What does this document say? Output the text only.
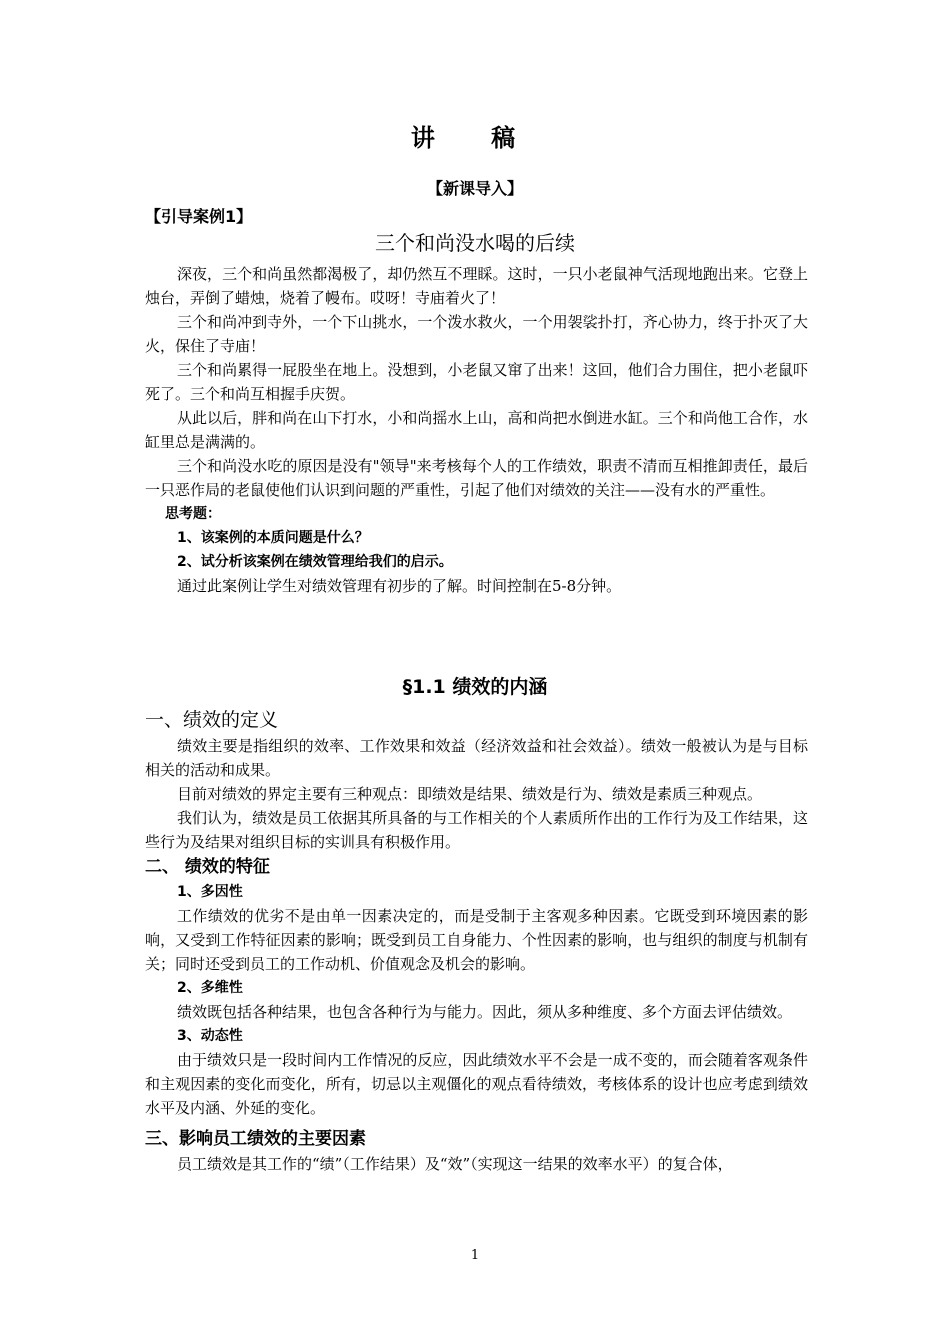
讲 稿
【新课导入】
【引导案例1】
三个和尚没水喝的后续

深夜，三个和尚虽然都渴极了，却仍然互不理睬。这时，一只小老鼠神气活现地跑出来。它登上烛台，弄倒了蜡烛，烧着了幔布。哎呀！寺庙着火了！

三个和尚冲到寺外，一个下山挑水，一个泼水救火，一个用袈裟扑打，齐心协力，终于扑灭了大火，保住了寺庙！

三个和尚累得一屁股坐在地上。没想到，小老鼠又窜了出来！这回，他们合力围住，把小老鼠吓死了。三个和尚互相握手庆贺。

从此以后，胖和尚在山下打水，小和尚摇水上山，高和尚把水倒进水缸。三个和尚他工合作，水缸里总是满满的。

三个和尚没水吃的原因是没有"领导"来考核每个人的工作绩效，职责不清而互相推卸责任，最后一只恶作局的老鼠使他们认识到问题的严重性，引起了他们对绩效的关注——没有水的严重性。

思考题：
1、该案例的本质问题是什么？
2、试分析该案例在绩效管理给我们的启示。

通过此案例让学生对绩效管理有初步的了解。时间控制在5-8分钟。

§1.1 绩效的内涵
一、绩效的定义

绩效主要是指组织的效率、工作效果和效益（经济效益和社会效益）。绩效一般被认为是与目标相关的活动和成果。

目前对绩效的界定主要有三种观点：即绩效是结果、绩效是行为、绩效是素质三种观点。

我们认为，绩效是员工依据其所具备的与工作相关的个人素质所作出的工作行为及工作结果，这些行为及结果对组织目标的实训具有积极作用。

二、 绩效的特征
1、多因性

工作绩效的优劣不是由单一因素决定的，而是受制于主客观多种因素。它既受到环境因素的影响，又受到工作特征因素的影响；既受到员工自身能力、个性因素的影响，也与组织的制度与机制有关；同时还受到员工的工作动机、价值观念及机会的影响。

2、多维性

绩效既包括各种结果，也包含各种行为与能力。因此，须从多种维度、多个方面去评估绩效。

3、动态性

由于绩效只是一段时间内工作情况的反应，因此绩效水平不会是一成不变的，而会随着客观条件和主观因素的变化而变化，所有，切忌以主观僵化的观点看待绩效，考核体系的设计也应考虑到绩效水平及内涵、外延的变化。

三、影响员工绩效的主要因素

员工绩效是其工作的“绩”（工作结果）及“效”（实现这一结果的效率水平）的复合体，

1
